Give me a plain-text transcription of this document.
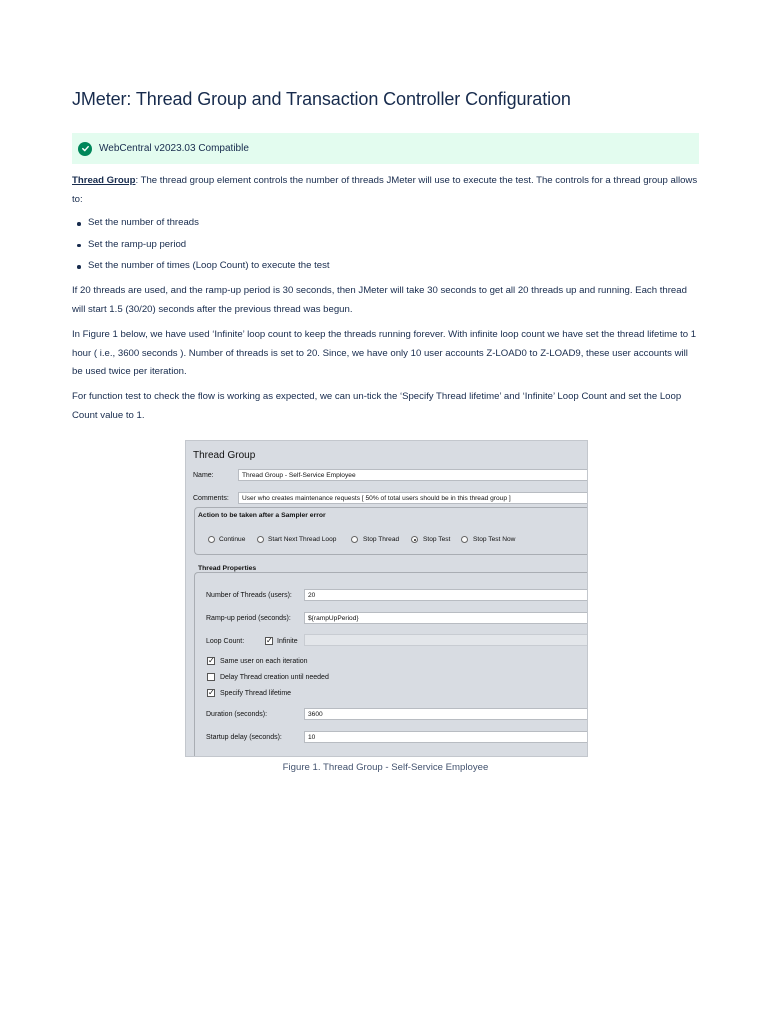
JMeter: Thread Group and Transaction Controller Configuration
WebCentral v2023.03 Compatible

Thread Group: The thread group element controls the number of threads JMeter will use to execute the test. The controls for a thread group allows to:

Set the number of threads
Set the ramp-up period
Set the number of times (Loop Count) to execute the test

If 20 threads are used, and the ramp-up period is 30 seconds, then JMeter will take 30 seconds to get all 20 threads up and running. Each thread will start 1.5 (30/20) seconds after the previous thread was begun.

In Figure 1 below, we have used ‘Infinite’ loop count to keep the threads running forever. With infinite loop count we have set the thread lifetime to 1 hour ( i.e., 3600 seconds ). Number of threads is set to 20. Since, we have only 10 user accounts Z-LOAD0 to Z-LOAD9, these user accounts will be used twice per iteration.

For function test to check the flow is working as expected, we can un-tick the ‘Specify Thread lifetime’ and ‘Infinite’ Loop Count and set the Loop Count value to 1.

Thread Group
Name:	Thread Group - Self-Service Employee
Comments:	User who creates maintenance requests [ 50% of total users should be in this thread group ]
Action to be taken after a Sampler error
Continue	Start Next Thread Loop	Stop Thread	Stop Test	Stop Test Now
Thread Properties
Number of Threads (users):	20
Ramp-up period (seconds):	${rampUpPeriod}
Loop Count:	✓ Infinite
✓ Same user on each iteration
Delay Thread creation until needed
✓ Specify Thread lifetime
Duration (seconds):	3600
Startup delay (seconds):	10
Figure 1. Thread Group - Self-Service Employee
